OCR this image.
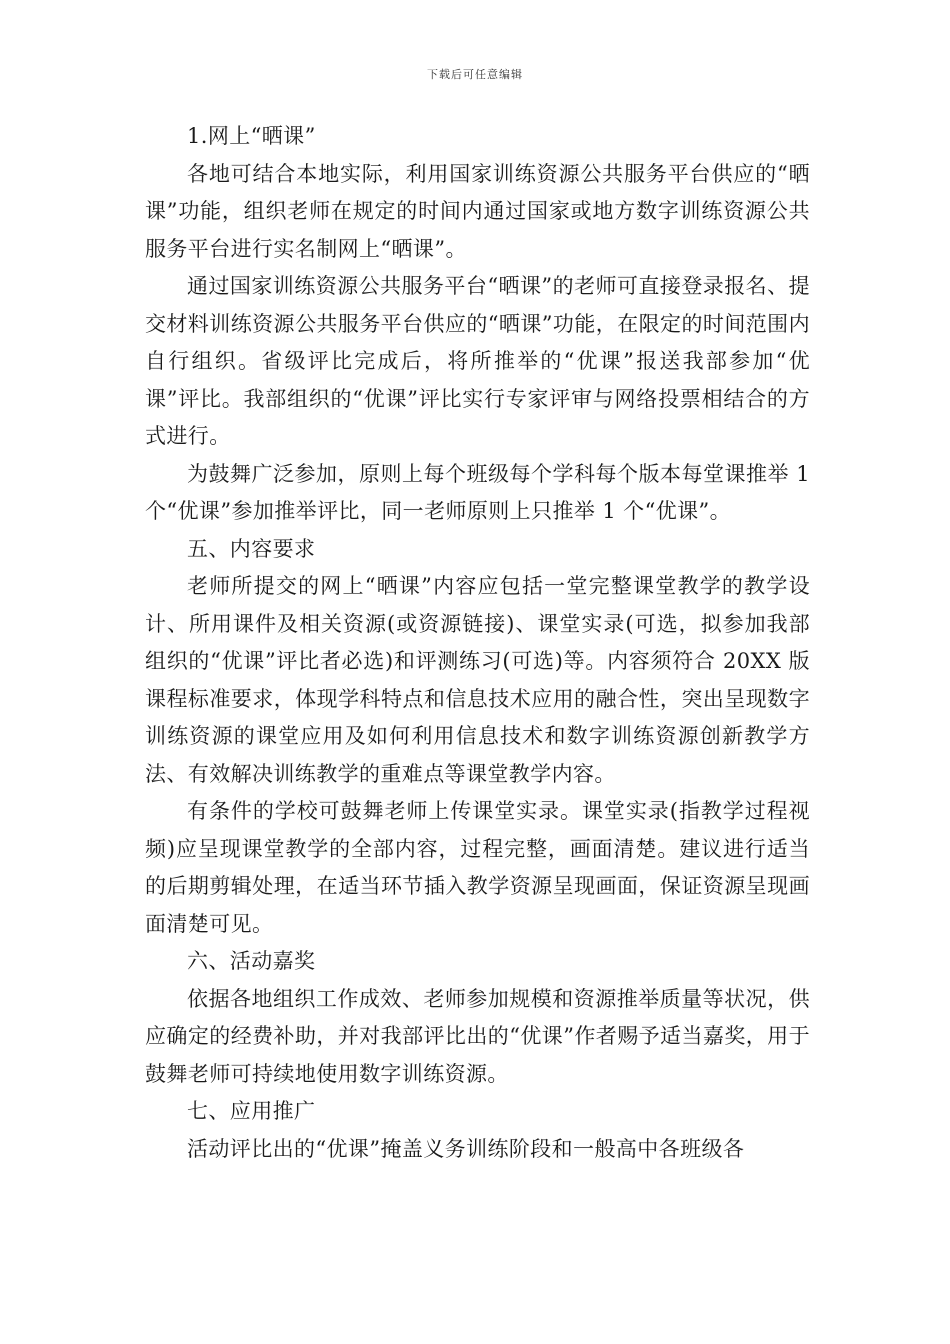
下载后可任意编辑

1.网上“晒课”

各地可结合本地实际，利用国家训练资源公共服务平台供应的“晒课”功能，组织老师在规定的时间内通过国家或地方数字训练资源公共服务平台进行实名制网上“晒课”。

通过国家训练资源公共服务平台“晒课”的老师可直接登录报名、提交材料训练资源公共服务平台供应的“晒课”功能，在限定的时间范围内自行组织。省级评比完成后，将所推举的“优课”报送我部参加“优课”评比。我部组织的“优课”评比实行专家评审与网络投票相结合的方式进行。

为鼓舞广泛参加，原则上每个班级每个学科每个版本每堂课推举 1 个“优课”参加推举评比，同一老师原则上只推举 1 个“优课”。

五、内容要求

老师所提交的网上“晒课”内容应包括一堂完整课堂教学的教学设计、所用课件及相关资源(或资源链接)、课堂实录(可选，拟参加我部组织的“优课”评比者必选)和评测练习(可选)等。内容须符合 20XX 版课程标准要求，体现学科特点和信息技术应用的融合性，突出呈现数字训练资源的课堂应用及如何利用信息技术和数字训练资源创新教学方法、有效解决训练教学的重难点等课堂教学内容。

有条件的学校可鼓舞老师上传课堂实录。课堂实录(指教学过程视频)应呈现课堂教学的全部内容，过程完整，画面清楚。建议进行适当的后期剪辑处理，在适当环节插入教学资源呈现画面，保证资源呈现画面清楚可见。

六、活动嘉奖

依据各地组织工作成效、老师参加规模和资源推举质量等状况，供应确定的经费补助，并对我部评比出的“优课”作者赐予适当嘉奖，用于鼓舞老师可持续地使用数字训练资源。

七、应用推广

活动评比出的“优课”掩盖义务训练阶段和一般高中各班级各
